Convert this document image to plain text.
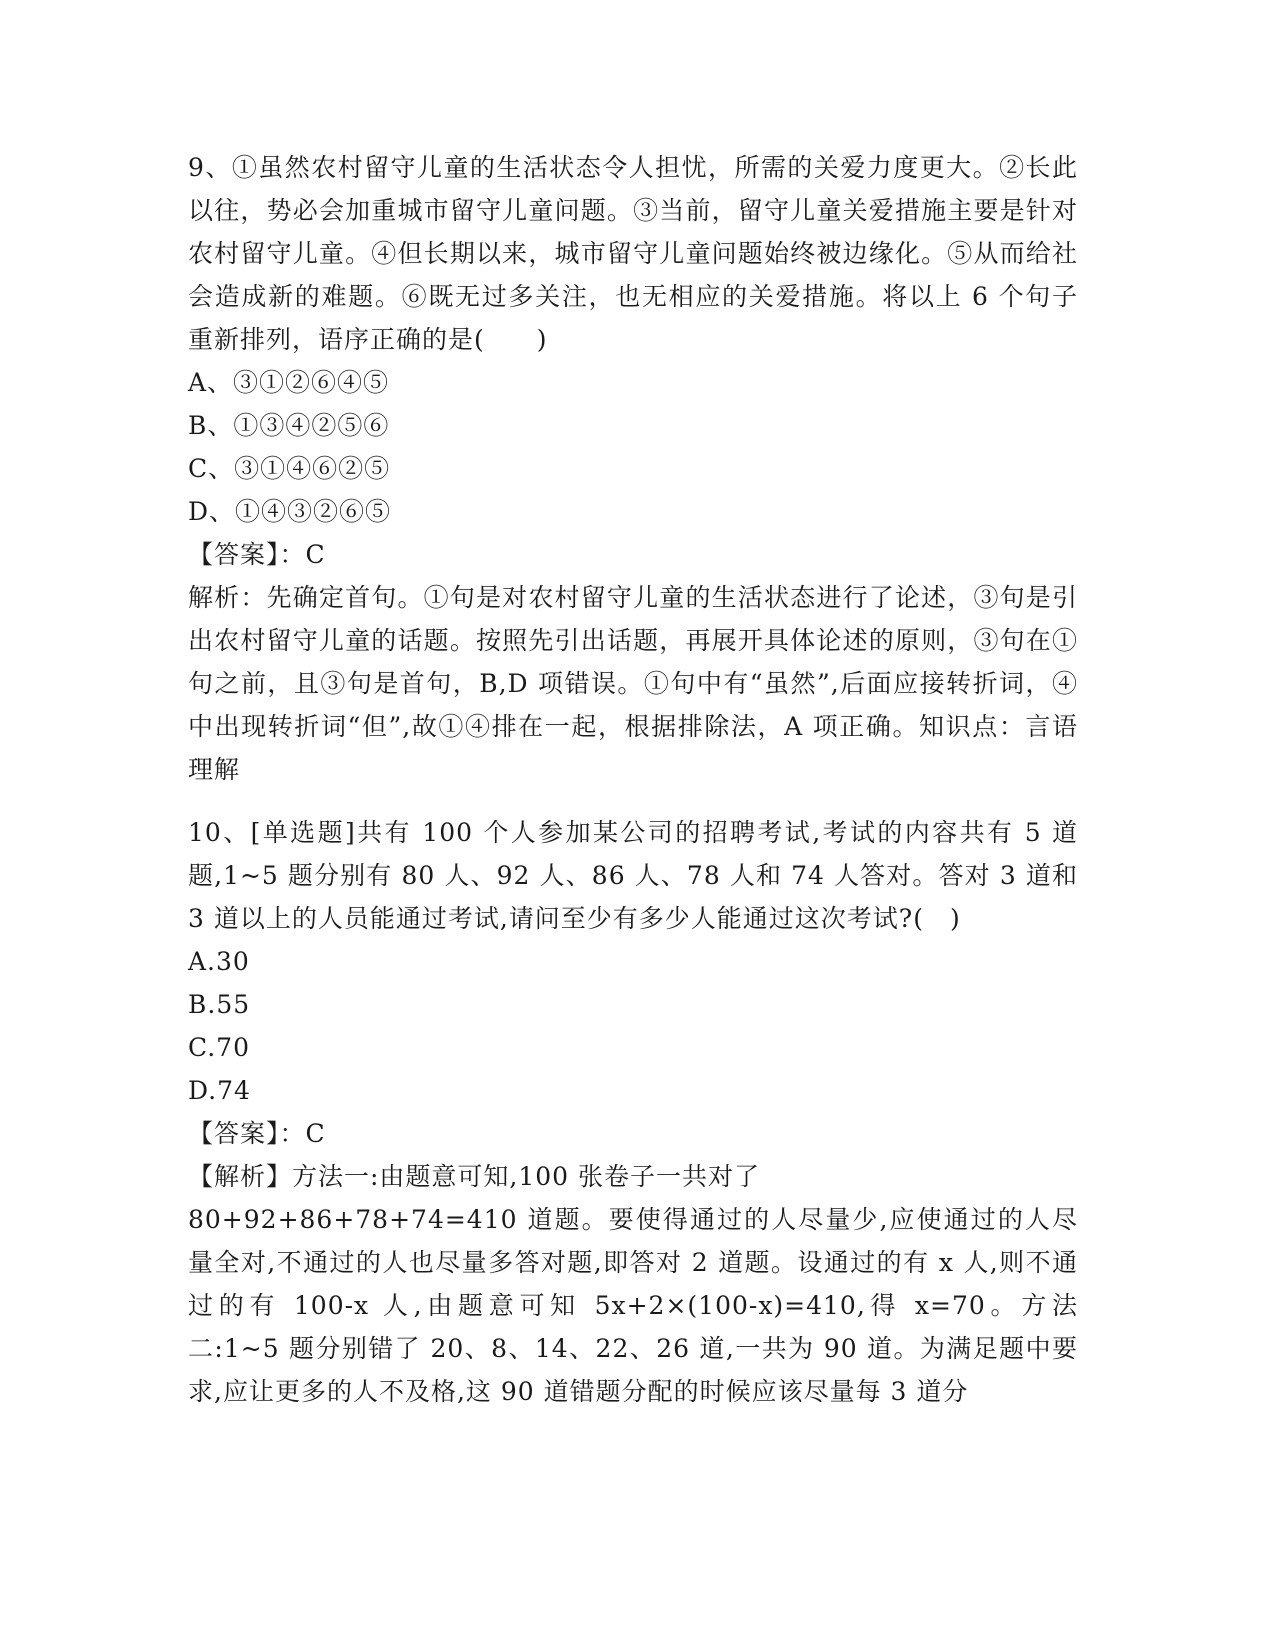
9、①虽然农村留守儿童的生活状态令人担忧，所需的关爱力度更大。②长此以往，势必会加重城市留守儿童问题。③当前，留守儿童关爱措施主要是针对农村留守儿童。④但长期以来，城市留守儿童问题始终被边缘化。⑤从而给社会造成新的难题。⑥既无过多关注，也无相应的关爱措施。将以上 6 个句子重新排列，语序正确的是(　　)

A、③①②⑥④⑤

B、①③④②⑤⑥

C、③①④⑥②⑤

D、①④③②⑥⑤

【答案】：C

解析：先确定首句。①句是对农村留守儿童的生活状态进行了论述，③句是引出农村留守儿童的话题。按照先引出话题，再展开具体论述的原则，③句在①句之前，且③句是首句，B,D 项错误。①句中有“虽然”,后面应接转折词，④中出现转折词“但”,故①④排在一起，根据排除法，A 项正确。知识点：言语理解

10、[单选题]共有 100 个人参加某公司的招聘考试,考试的内容共有 5 道题,1~5 题分别有 80 人、92 人、86 人、78 人和 74 人答对。答对 3 道和 3 道以上的人员能通过考试,请问至少有多少人能通过这次考试?(　)

A.30

B.55

C.70

D.74

【答案】：C

【解析】方法一:由题意可知,100 张卷子一共对了

80+92+86+78+74=410 道题。要使得通过的人尽量少,应使通过的人尽量全对,不通过的人也尽量多答对题,即答对 2 道题。设通过的有 x 人,则不通过的有 100-x 人,由题意可知 5x+2×(100-x)=410,得 x=70。方法二:1~5 题分别错了 20、8、14、22、26 道,一共为 90 道。为满足题中要求,应让更多的人不及格,这 90 道错题分配的时候应该尽量每 3 道分
